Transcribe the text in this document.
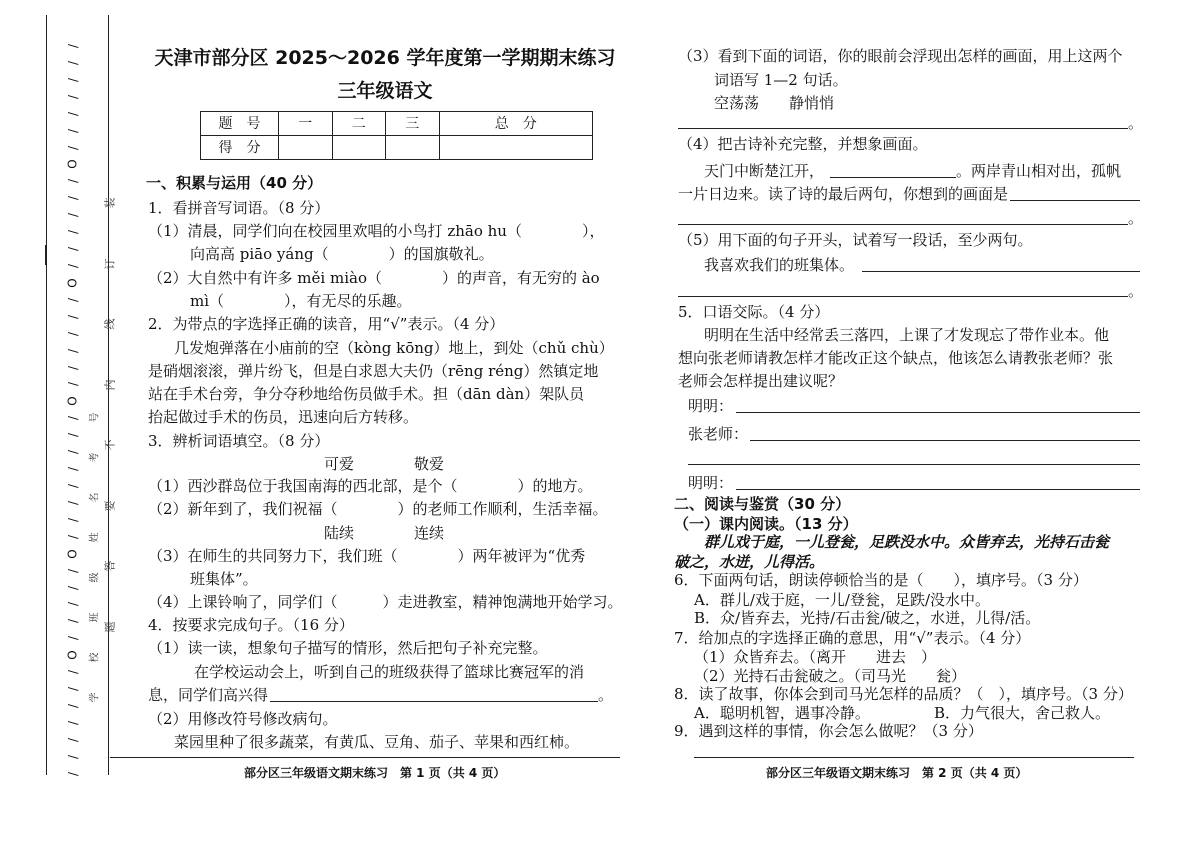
/
/
/
/
/
/
/
O
/
/
/
/
/
/
O
/
/
/
/
/
/
O
/
/
/
/
/
/
/
/
O
/
/
/
/
/
O
/
/
/
/
/
/
/
装
订
线
内
不
要
答
题
学
校
班
级
姓
名
考
号
天津市部分区 2025～2026 学年度第一学期期末练习
三年级语文
题　号	一	二	三	总　分
得　分				
一、积累与运用（40 分）
1．看拼音写词语。（8 分）
（1）清晨，同学们向在校园里欢唱的小鸟打 zhāo hu（　　　　），
向高高 piāo yáng（　　　　）的国旗敬礼。
（2）大自然中有许多 měi miào（　　　　）的声音，有无穷的 ào
mì（　　　　），有无尽的乐趣。
2．为带点的字选择正确的读音，用“√”表示。（4 分）
几发炮弹落在小庙前的空（kòng kōng）地上，到处（chǔ chù）
是硝烟滚滚，弹片纷飞，但是白求恩大夫仍（rēng réng）然镇定地
站在手术台旁，争分夺秒地给伤员做手术。担（dān dàn）架队员
抬起做过手术的伤员，迅速向后方转移。
3．辨析词语填空。（8 分）
可爱　　　　敬爱
（1）西沙群岛位于我国南海的西北部，是个（　　　　）的地方。
（2）新年到了，我们祝福（　　　　）的老师工作顺利，生活幸福。
陆续　　　　连续
（3）在师生的共同努力下，我们班（　　　　）两年被评为“优秀
班集体”。
（4）上课铃响了，同学们（　　　）走进教室，精神饱满地开始学习。
4．按要求完成句子。（16 分）
（1）读一读，想象句子描写的情形，然后把句子补充完整。
在学校运动会上，听到自己的班级获得了篮球比赛冠军的消
息，同学们高兴得	。
（2）用修改符号修改病句。
菜园里种了很多蔬菜，有黄瓜、豆角、茄子、苹果和西红柿。
部分区三年级语文期末练习　第 1 页（共 4 页）
（3）看到下面的词语，你的眼前会浮现出怎样的画面，用上这两个
词语写 1—2 句话。
空荡荡　　静悄悄
。
（4）把古诗补充完整，并想象画面。
天门中断楚江开，	。两岸青山相对出，孤帆
一片日边来。读了诗的最后两句，你想到的画面是
。
（5）用下面的句子开头，试着写一段话，至少两句。
我喜欢我们的班集体。
。
5．口语交际。（4 分）
明明在生活中经常丢三落四，上课了才发现忘了带作业本。他
想向张老师请教怎样才能改正这个缺点，他该怎么请教张老师？张
老师会怎样提出建议呢？
明明：
张老师：
明明：
二、阅读与鉴赏（30 分）
（一）课内阅读。（13 分）
群儿戏于庭，一儿登瓮，足跌没水中。众皆弃去，光持石击瓮
破之，水迸，儿得活。
6．下面两句话，朗读停顿恰当的是（　　），填序号。（3 分）
A．群儿/戏于庭，一儿/登瓮，足跌/没水中。
B．众/皆弃去，光持/石击瓮/破之，水迸，儿得/活。
7．给加点的字选择正确的意思，用“√”表示。（4 分）
（1）众皆弃去。（离开　　进去　）
（2）光持石击瓮破之。（司马光　　瓮）
8．读了故事，你体会到司马光怎样的品质？（　），填序号。（3 分）
A．聪明机智，遇事冷静。	B．力气很大，舍己救人。
9．遇到这样的事情，你会怎么做呢？（3 分）
部分区三年级语文期末练习　第 2 页（共 4 页）
